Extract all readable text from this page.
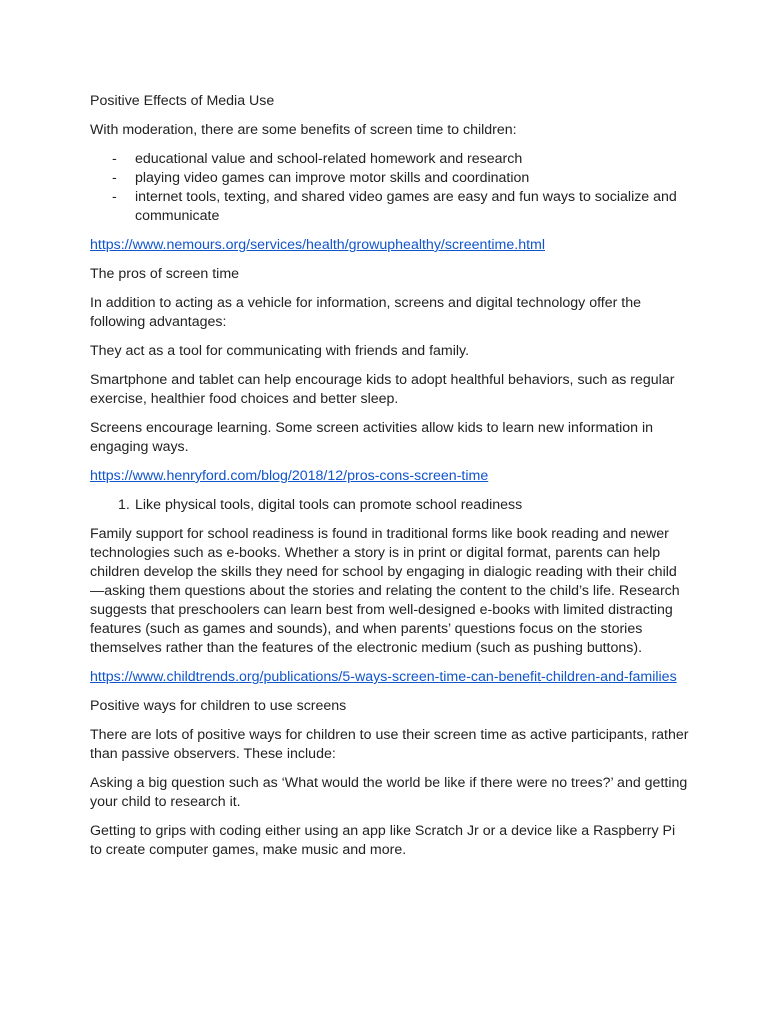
Positive Effects of Media Use

With moderation, there are some benefits of screen time to children:

- educational value and school-related homework and research
- playing video games can improve motor skills and coordination
- internet tools, texting, and shared video games are easy and fun ways to socialize and communicate
https://www.nemours.org/services/health/growuphealthy/screentime.html

The pros of screen time

In addition to acting as a vehicle for information, screens and digital technology offer the following advantages:

They act as a tool for communicating with friends and family.

Smartphone and tablet can help encourage kids to adopt healthful behaviors, such as regular exercise, healthier food choices and better sleep.

Screens encourage learning. Some screen activities allow kids to learn new information in engaging ways.

https://www.henryford.com/blog/2018/12/pros-cons-screen-time
1. Like physical tools, digital tools can promote school readiness

Family support for school readiness is found in traditional forms like book reading and newer technologies such as e-books. Whether a story is in print or digital format, parents can help children develop the skills they need for school by engaging in dialogic reading with their child—asking them questions about the stories and relating the content to the child’s life. Research suggests that preschoolers can learn best from well-designed e-books with limited distracting features (such as games and sounds), and when parents’ questions focus on the stories themselves rather than the features of the electronic medium (such as pushing buttons).

https://www.childtrends.org/publications/5-ways-screen-time-can-benefit-children-and-families

Positive ways for children to use screens

There are lots of positive ways for children to use their screen time as active participants, rather than passive observers. These include:

Asking a big question such as ‘What would the world be like if there were no trees?’ and getting your child to research it.

Getting to grips with coding either using an app like Scratch Jr or a device like a Raspberry Pi to create computer games, make music and more.
